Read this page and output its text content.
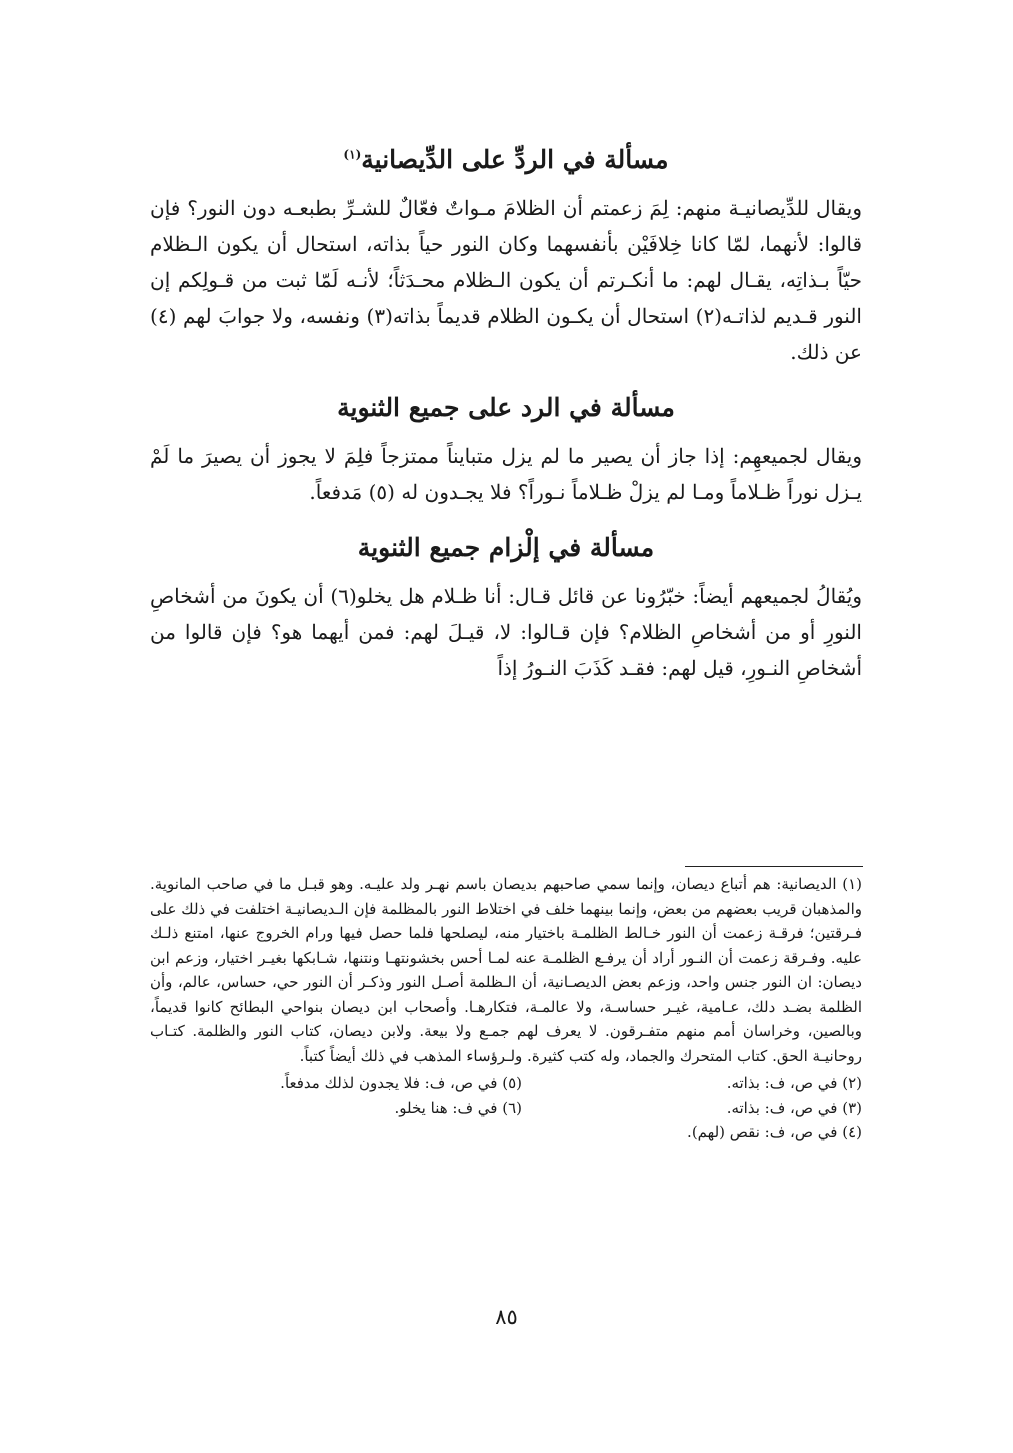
مسألة في الردِّ على الدِّيصانية$^{(١)}$

ويقال للدِّيصانيـة منهم: لِمَ زعمتم أن الظلامَ مـواتٌ فعّالٌ للشـرِّ بطبعـه دون النور؟ فإن قالوا: لأنهما، لمّا كانا خِلافَيْن بأنفسهما وكان النور حياً بذاته، استحال أن يكون الـظلام حيّاً بـذاتِه، يقـال لهم: ما أنكـرتم أن يكون الـظلام محـدَثاً؛ لأنـه لَمّا ثبت من قـولِكم إن النور قـديم لذاتـه(٢) استحال أن يكـون الظلام قديماً بذاته(٣) ونفسه، ولا جوابَ لهم (٤) عن ذلك.

مسألة في الرد على جميع الثنوية

ويقال لجميعهِم: إذا جاز أن يصير ما لم يزل متبايناً ممتزجاً فلِمَ لا يجوز أن يصيرَ ما لَمْ يـزل نوراً ظـلاماً ومـا لم يزلْ ظـلاماً نـوراً؟ فلا يجـدون له (٥) مَدفعاً.

مسألة في إلْزام جميع الثنوية

ويُقالُ لجميعهم أيضاً: خبّرُونا عن قائل قـال: أنا ظـلام هل يخلو(٦) أن يكونَ من أشخاصِ النورِ أو من أشخاصِ الظلام؟ فإن قـالوا: لا، قيـلَ لهم: فمن أيهما هو؟ فإن قالوا من أشخاصِ النـورِ، قيل لهم: فقـد كَذَبَ النـورُ إذاً

(١) الديصانية: هم أتباع ديصان، وإنما سمي صاحبهم بديصان باسم نهـر ولد عليـه. وهو قبـل ما في صاحب المانوية. والمذهبان قريب بعضهم من بعض، وإنما بينهما خلف في اختلاط النور بالمظلمة فإن الـديصانيـة اختلفت في ذلك على فـرقتين؛ فرقـة زعمت أن النور خـالط الظلمـة باختيار منه، ليصلحها فلما حصل فيها ورام الخروج عنها، امتنع ذلـك عليه. وفـرقة زعمت أن النـور أراد أن يرفـع الظلمـة عنه لمـا أحس بخشونتهـا ونتنها، شـابكها بغيـر اختيار، وزعم ابن ديصان: ان النور جنس واحد، وزعم بعض الديصـانية، أن الـظلمة أصـل النور وذكـر أن النور حي، حساس، عالم، وأن الظلمة بضـد دلك، عـامية، غيـر حساسـة، ولا عالمـة، فتكارهـا. وأصحاب ابن ديصان بنواحي البطائح كانوا قديماً، وبالصين، وخراسان أمم منهم متفـرقون. لا يعرف لهم جمـع ولا بيعة. ولابن ديصان، كتاب النور والظلمة. كتـاب روحانيـة الحق. كتاب المتحرك والجماد، وله كتب كثيرة. ولـرؤساء المذهب في ذلك أيضاً كتباً.

(٢) في ص، ف: بذاته.
(٥) في ص، ف: فلا يجدون لذلك مدفعاً.
(٣) في ص، ف: بذاته.
(٦) في ف: هنا يخلو.
(٤) في ص، ف: نقص (لهم).
٨٥
